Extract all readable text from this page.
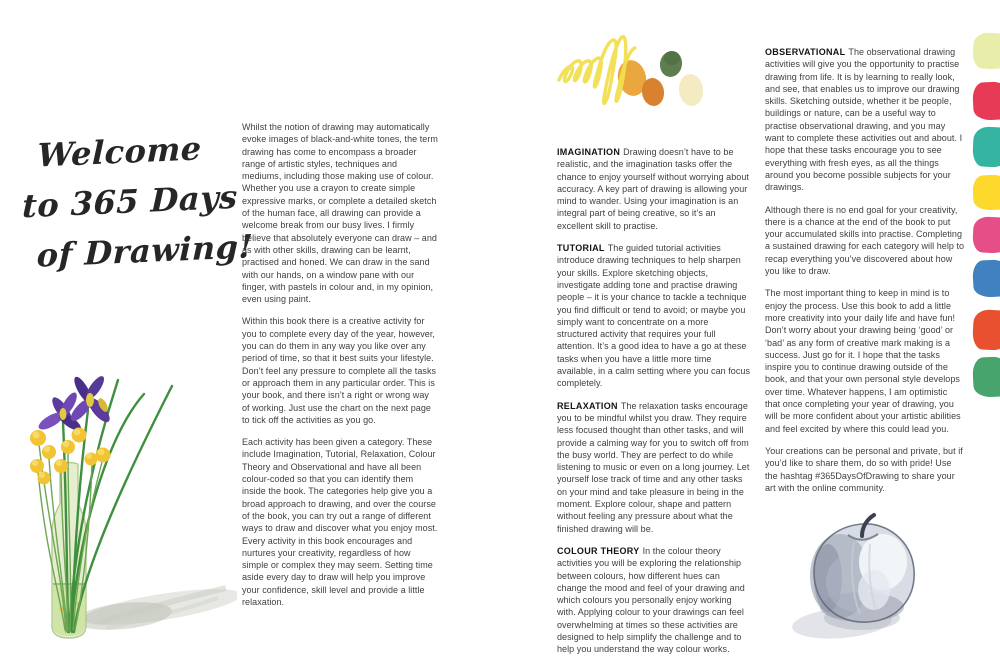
Welcome
to 365 Days
of Drawing!

Whilst the notion of drawing may automatically evoke images of black-and-white tones, the term drawing has come to encompass a broader range of artistic styles, techniques and mediums, including those making use of colour. Whether you use a crayon to create simple expressive marks, or complete a detailed sketch of the human face, all drawing can provide a welcome break from our busy lives. I firmly believe that absolutely everyone can draw – and as with other skills, drawing can be learnt, practised and honed. We can draw in the sand with our hands, on a window pane with our finger, with pastels in colour and, in my opinion, even using paint.

Within this book there is a creative activity for you to complete every day of the year, however, you can do them in any way you like over any period of time, so that it best suits your lifestyle. Don’t feel any pressure to complete all the tasks or approach them in any particular order. This is your book, and there isn’t a right or wrong way of working. Just use the chart on the next page to tick off the activities as you go.

Each activity has been given a category. These include Imagination, Tutorial, Relaxation, Colour Theory and Observational and have all been colour-coded so that you can identify them inside the book. The categories help give you a broad approach to drawing, and over the course of the book, you can try out a range of different ways to draw and discover what you enjoy most. Every activity in this book encourages and nurtures your creativity, regardless of how simple or complex they may seem. Setting time aside every day to draw will help you improve your confidence, skill level and provide a little relaxation.

IMAGINATION Drawing doesn’t have to be realistic, and the imagination tasks offer the chance to enjoy yourself without worrying about accuracy. A key part of drawing is allowing your mind to wander. Using your imagination is an integral part of being creative, so it’s an excellent skill to practise.

TUTORIAL The guided tutorial activities introduce drawing techniques to help sharpen your skills. Explore sketching objects, investigate adding tone and practise drawing people – it is your chance to tackle a technique you find difficult or tend to avoid; or maybe you simply want to concentrate on a more structured activity that requires your full attention. It’s a good idea to have a go at these tasks when you have a little more time available, in a calm setting where you can focus completely.

RELAXATION The relaxation tasks encourage you to be mindful whilst you draw. They require less focused thought than other tasks, and will provide a calming way for you to switch off from the busy world. They are perfect to do while listening to music or even on a long journey. Let yourself lose track of time and any other tasks on your mind and take pleasure in being in the moment. Explore colour, shape and pattern without feeling any pressure about what the finished drawing will be.

COLOUR THEORY In the colour theory activities you will be exploring the relationship between colours, how different hues can change the mood and feel of your drawing and which colours you personally enjoy working with. Applying colour to your drawings can feel overwhelming at times so these activities are designed to help simplify the challenge and to help you understand the way colour works.

OBSERVATIONAL The observational drawing activities will give you the opportunity to practise drawing from life. It is by learning to really look, and see, that enables us to improve our drawing skills. Sketching outside, whether it be people, buildings or nature, can be a useful way to practise observational drawing, and you may want to complete these activities out and about. I hope that these tasks encourage you to see everything with fresh eyes, as all the things around you become possible subjects for your drawings.

Although there is no end goal for your creativity, there is a chance at the end of the book to put your accumulated skills into practise. Completing a sustained drawing for each category will help to recap everything you’ve discovered about how you like to draw.

The most important thing to keep in mind is to enjoy the process. Use this book to add a little more creativity into your daily life and have fun! Don’t worry about your drawing being ‘good’ or ‘bad’ as any form of creative mark making is a success. Just go for it. I hope that the tasks inspire you to continue drawing outside of the book, and that your own personal style develops over time. Whatever happens, I am optimistic that once completing your year of drawing, you will be more confident about your artistic abilities and feel excited by where this could lead you.

Your creations can be personal and private, but if you’d like to share them, do so with pride! Use the hashtag #365DaysOfDrawing to share your art with the online community.
